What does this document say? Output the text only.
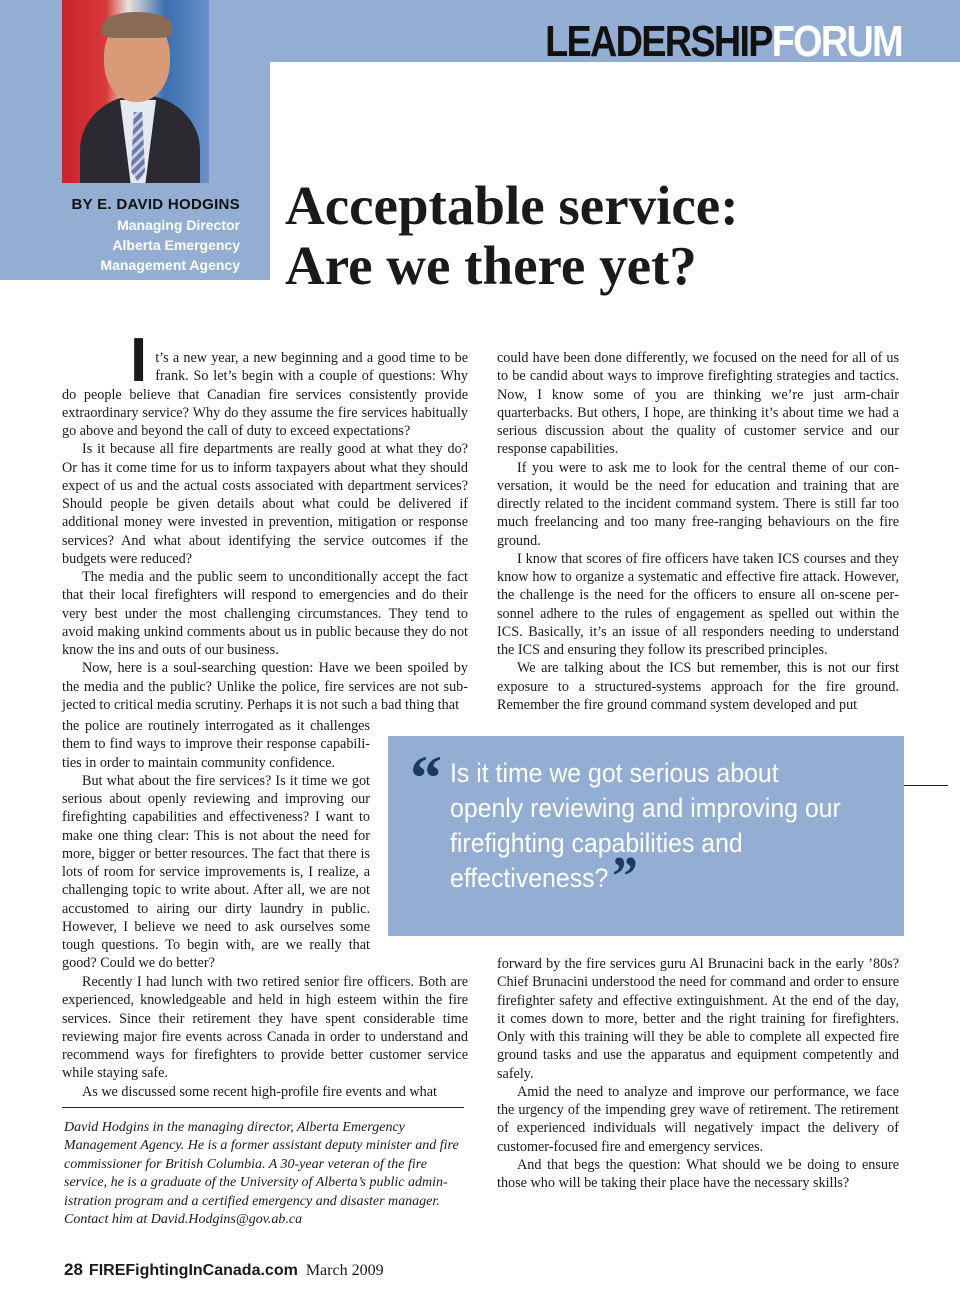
LEADERSHIPFORUM
BY E. DAVID HODGINS
Managing Director
Alberta Emergency
Management Agency
Acceptable service:
Are we there yet?

It’s a new year, a new beginning and a good time to be frank. So let’s begin with a couple of questions: Why do people believe that Canadian fire services consistently provide extraordinary service? Why do they assume the fire services habitually go above and beyond the call of duty to exceed expectations?

Is it because all fire departments are really good at what they do? Or has it come time for us to inform taxpayers about what they should expect of us and the actual costs associated with department services? Should people be given details about what could be delivered if additional money were invested in prevention, mitigation or response services? And what about identifying the service outcomes if the budgets were reduced?

The media and the public seem to unconditionally accept the fact that their local firefighters will respond to emergencies and do their very best under the most challenging circumstances. They tend to avoid making unkind comments about us in public because they do not know the ins and outs of our business.

Now, here is a soul-searching question: Have we been spoiled by the media and the public? Unlike the police, fire services are not subjected to critical media scrutiny. Perhaps it is not such a bad thing that

the police are routinely interrogated as it challenges them to find ways to improve their response capabilities in order to maintain community confidence.

But what about the fire services? Is it time we got serious about openly reviewing and improving our firefighting capabilities and effectiveness? I want to make one thing clear: This is not about the need for more, bigger or better resources. The fact that there is lots of room for service improvements is, I realize, a challenging topic to write about. After all, we are not accustomed to airing our dirty laundry in public. However, I believe we need to ask ourselves some tough questions. To begin with, are we really that good? Could we do better?

Recently I had lunch with two retired senior fire officers. Both are experienced, knowledgeable and held in high esteem within the fire services. Since their retirement they have spent considerable time reviewing major fire events across Canada in order to understand and recommend ways for firefighters to provide better customer service while staying safe.

As we discussed some recent high-profile fire events and what

could have been done differently, we focused on the need for all of us to be candid about ways to improve firefighting strategies and tactics. Now, I know some of you are thinking we’re just arm-chair quarterbacks. But others, I hope, are thinking it’s about time we had a serious discussion about the quality of customer service and our response capabilities.

If you were to ask me to look for the central theme of our conversation, it would be the need for education and training that are directly related to the incident command system. There is still far too much freelancing and too many free-ranging behaviours on the fire ground.

I know that scores of fire officers have taken ICS courses and they know how to organize a systematic and effective fire attack. However, the challenge is the need for the officers to ensure all on-scene personnel adhere to the rules of engagement as spelled out within the ICS. Basically, it’s an issue of all responders needing to understand the ICS and ensuring they follow its prescribed principles.

We are talking about the ICS but remember, this is not our first exposure to a structured-systems approach for the fire ground. Remember the fire ground command system developed and put

“ Is it time we got serious about openly reviewing and improving our firefighting capabilities and effectiveness?”

forward by the fire services guru Al Brunacini back in the early ’80s? Chief Brunacini understood the need for command and order to ensure firefighter safety and effective extinguishment. At the end of the day, it comes down to more, better and the right training for firefighters. Only with this training will they be able to complete all expected fire ground tasks and use the apparatus and equipment competently and safely.

Amid the need to analyze and improve our performance, we face the urgency of the impending grey wave of retirement. The retirement of experienced individuals will negatively impact the delivery of customer-focused fire and emergency services.

And that begs the question: What should we be doing to ensure those who will be taking their place have the necessary skills?

David Hodgins in the managing director, Alberta Emergency Management Agency. He is a former assistant deputy minister and fire commissioner for British Columbia. A 30-year veteran of the fire service, he is a graduate of the University of Alberta’s public administration program and a certified emergency and disaster manager. Contact him at David.Hodgins@gov.ab.ca

28 FIREFightingInCanada.com March 2009
